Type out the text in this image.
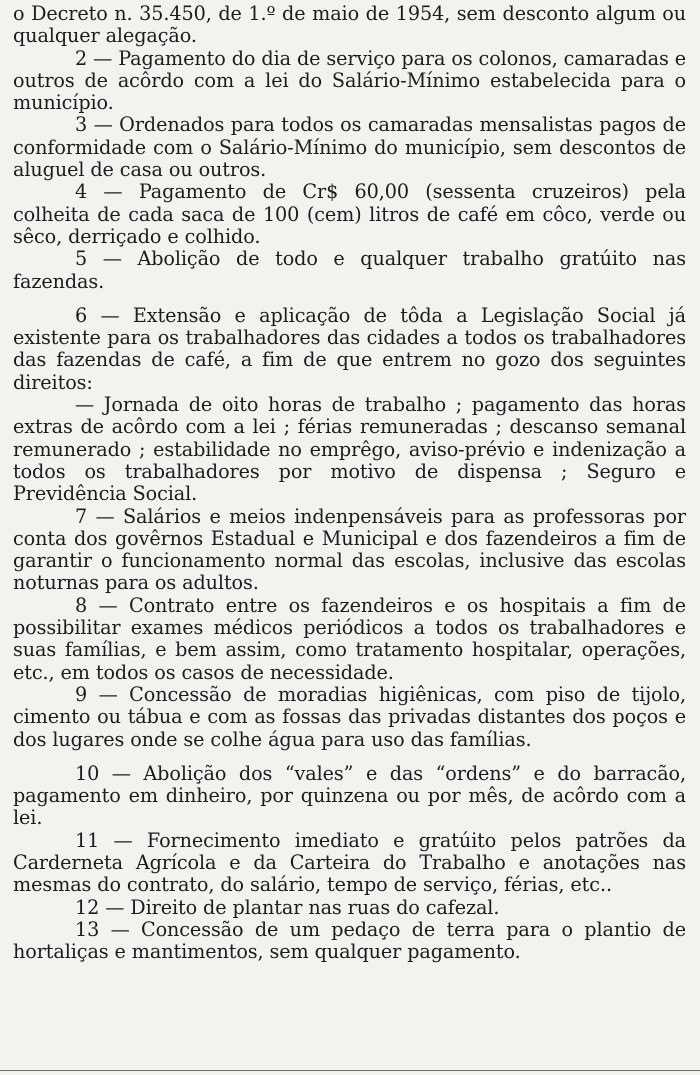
o Decreto n. 35.450, de 1.º de maio de 1954, sem desconto algum ou qualquer alegação.

2 — Pagamento do dia de serviço para os colonos, camaradas e outros de acôrdo com a lei do Salário-Mínimo estabelecida para o município.

3 — Ordenados para todos os camaradas mensalistas pagos de conformidade com o Salário-Mínimo do município, sem descontos de aluguel de casa ou outros.

4 — Pagamento de Cr$ 60,00 (sessenta cruzeiros) pela colheita de cada saca de 100 (cem) litros de café em côco, verde ou sêco, derriçado e colhido.

5 — Abolição de todo e qualquer trabalho gratúito nas fazendas.

6 — Extensão e aplicação de tôda a Legislação Social já existente para os trabalhadores das cidades a todos os trabalhadores das fazendas de café, a fim de que entrem no gozo dos seguintes direitos:

— Jornada de oito horas de trabalho ; pagamento das horas extras de acôrdo com a lei ; férias remuneradas ; descanso semanal remunerado ; estabilidade no emprêgo, aviso-prévio e indenização a todos os trabalhadores por motivo de dispensa ; Seguro e Previdência Social.

7 — Salários e meios indenpensáveis para as professoras por conta dos govêrnos Estadual e Municipal e dos fazendeiros a fim de garantir o funcionamento normal das escolas, inclusive das escolas noturnas para os adultos.

8 — Contrato entre os fazendeiros e os hospitais a fim de possibilitar exames médicos periódicos a todos os trabalhadores e suas famílias, e bem assim, como tratamento hospitalar, operações, etc., em todos os casos de necessidade.

9 — Concessão de moradias higiênicas, com piso de tijolo, cimento ou tábua e com as fossas das privadas distantes dos poços e dos lugares onde se colhe água para uso das famílias.

10 — Abolição dos “vales” e das “ordens” e do barracão, pagamento em dinheiro, por quinzena ou por mês, de acôrdo com a lei.

11 — Fornecimento imediato e gratúito pelos patrões da Carderneta Agrícola e da Carteira do Trabalho e anotações nas mesmas do contrato, do salário, tempo de serviço, férias, etc..

12 — Direito de plantar nas ruas do cafezal.

13 — Concessão de um pedaço de terra para o plantio de hortaliças e mantimentos, sem qualquer pagamento.
